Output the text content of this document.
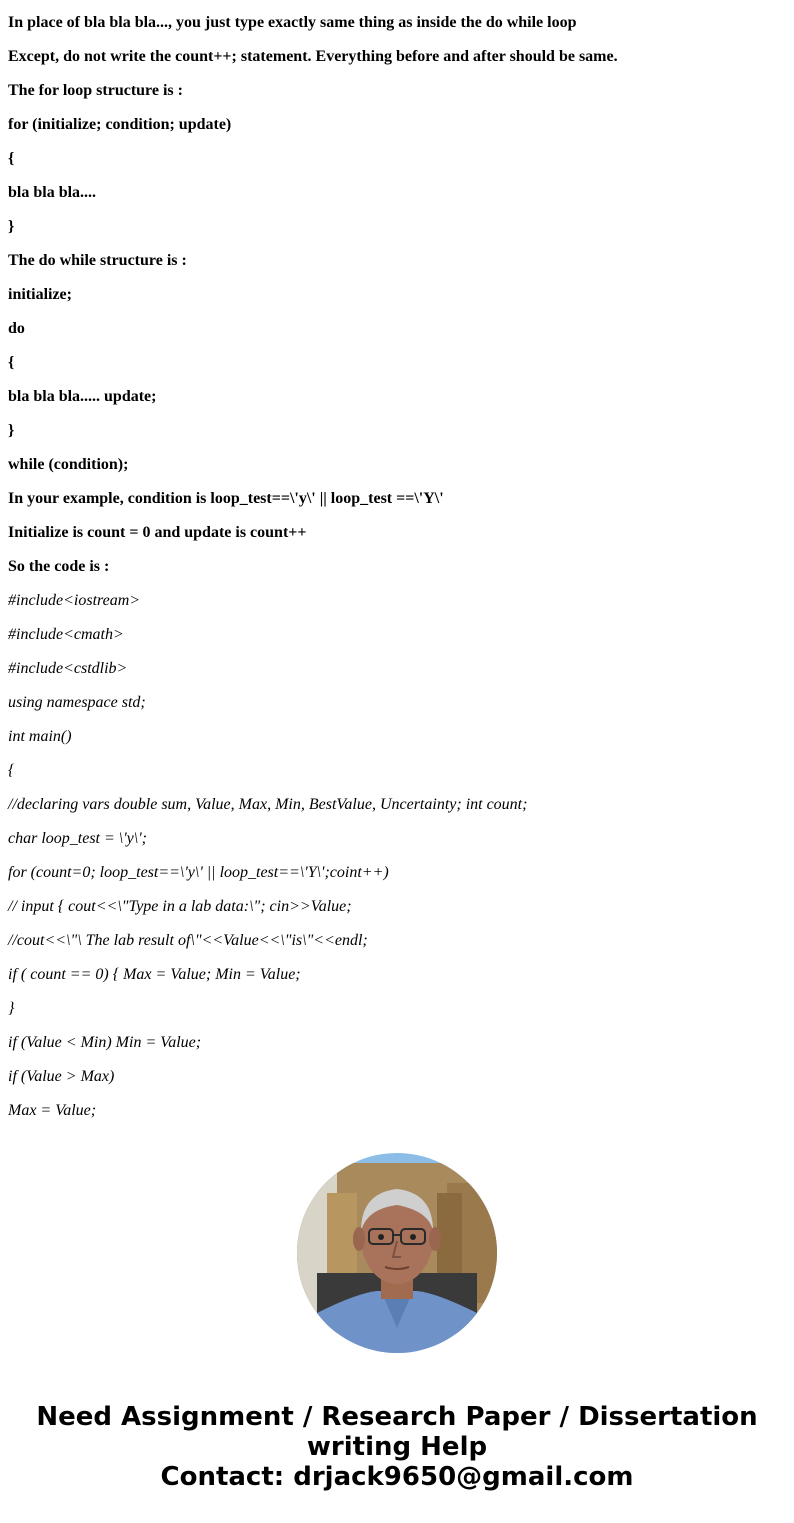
In place of bla bla bla..., you just type exactly same thing as inside the do while loop
Except, do not write the count++; statement. Everything before and after should be same.
The for loop structure is :
for (initialize; condition; update)
{
bla bla bla....
}
The do while structure is :
initialize;
do
{
bla bla bla..... update;
}
while (condition);
In your example, condition is loop_test==\'y\' || loop_test ==\'Y\'
Initialize is count = 0 and update is count++
So the code is :
#include<iostream>
#include<cmath>
#include<cstdlib>
using namespace std;
int main()
{
//declaring vars double sum, Value, Max, Min, BestValue, Uncertainty; int count;
char loop_test = \'y\';
for (count=0; loop_test==\'y\' || loop_test==\'Y\';coint++)
// input { cout<<\"Type in a lab data:\"; cin>>Value;
//cout<<\"\ The lab result of\"<<Value<<\"is\"<<endl;
if ( count == 0) { Max = Value; Min = Value;
}
if (Value < Min) Min = Value;
if (Value > Max)
Max = Value;
Need Assignment / Research Paper / Dissertation
writing Help
Contact: drjack9650@gmail.com
